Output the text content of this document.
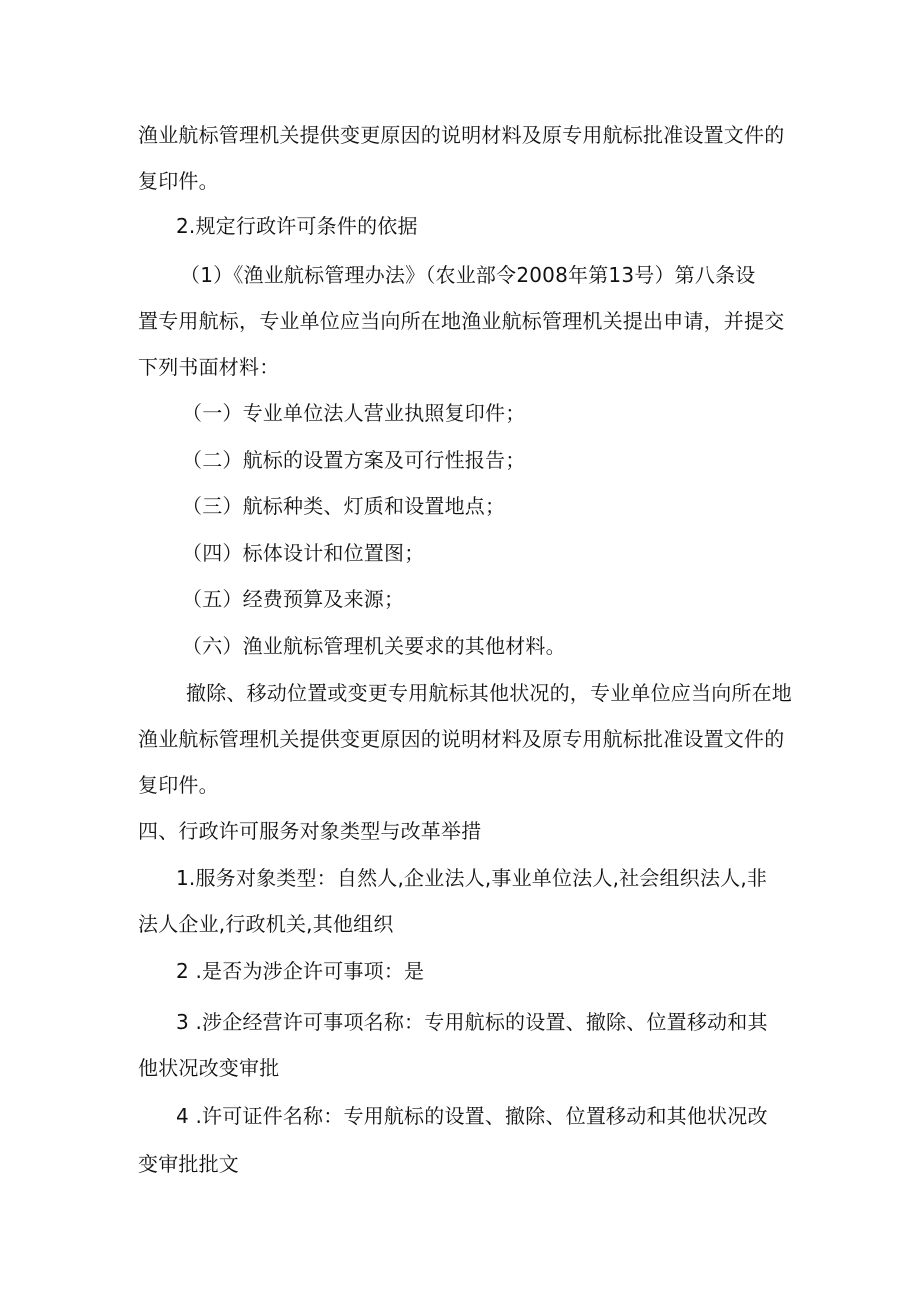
渔业航标管理机关提供变更原因的说明材料及原专用航标批准设置文件的
复印件。
2.规定行政许可条件的依据
（1）《渔业航标管理办法》（农业部令2008年第13号）第八条设
置专用航标，专业单位应当向所在地渔业航标管理机关提出申请，并提交
下列书面材料：
（一）专业单位法人营业执照复印件；
（二）航标的设置方案及可行性报告；
（三）航标种类、灯质和设置地点；
（四）标体设计和位置图；
（五）经费预算及来源；
（六）渔业航标管理机关要求的其他材料。
撤除、移动位置或变更专用航标其他状况的，专业单位应当向所在地
渔业航标管理机关提供变更原因的说明材料及原专用航标批准设置文件的
复印件。
四、行政许可服务对象类型与改革举措
1.服务对象类型：自然人,企业法人,事业单位法人,社会组织法人,非
法人企业,行政机关,其他组织
2 .是否为涉企许可事项：是
3 .涉企经营许可事项名称：专用航标的设置、撤除、位置移动和其
他状况改变审批
4 .许可证件名称：专用航标的设置、撤除、位置移动和其他状况改
变审批批文
